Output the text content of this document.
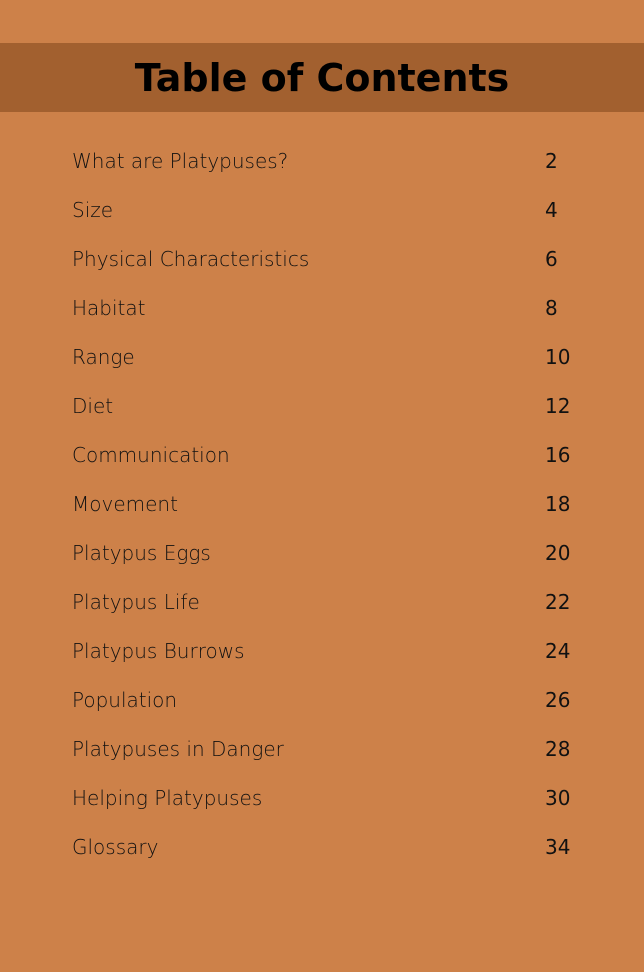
Table of Contents
What are Platypuses?	2
Size	4
Physical Characteristics	6
Habitat	8
Range	10
Diet	12
Communication	16
Movement	18
Platypus Eggs	20
Platypus Life	22
Platypus Burrows	24
Population	26
Platypuses in Danger	28
Helping Platypuses	30
Glossary	34
